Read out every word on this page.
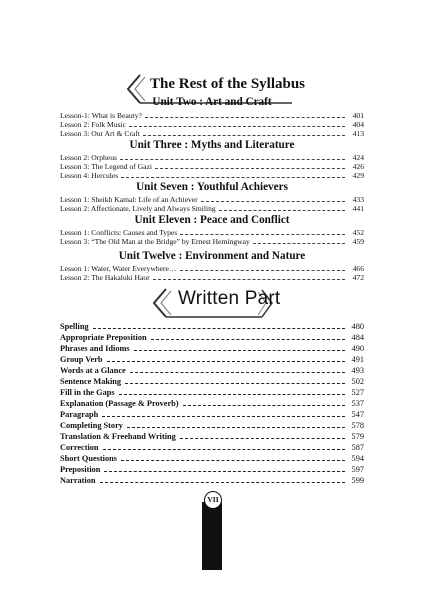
The Rest of the Syllabus
Unit Two : Art and Craft
Lesson-1: What is Beauty?	401
Lesson 2: Folk Music	404
Lesson 3: Our Art & Craft	413
Unit Three : Myths and Literature
Lesson 2: Orpheus	424
Lesson 3: The Legend of Gazi	426
Lesson 4: Hercules	429
Unit Seven : Youthful Achievers
Lesson 1: Sheikh Kamal: Life of an Achiever	433
Lesson 2: Affectionate, Lively and Always Smiling	441
Unit Eleven : Peace and Conflict
Lesson 1: Conflicts: Causes and Types	452
Lesson 3: “The Old Man at the Bridge” by Ernest Hemingway	459
Unit Twelve : Environment and Nature
Lesson 1: Water, Water Everywhere…	466
Lesson 2: The Hakaluki Haor	472
Written Part
Spelling	480
Appropriate Preposition	484
Phrases and Idioms	490
Group Verb	491
Words at a Glance	493
Sentence Making	502
Fill in the Gaps	527
Explanation (Passage & Proverb)	537
Paragraph	547
Completing Story	578
Translation & Freehand Writing	579
Correction	587
Short Questions	594
Preposition	597
Narration	599
VII
